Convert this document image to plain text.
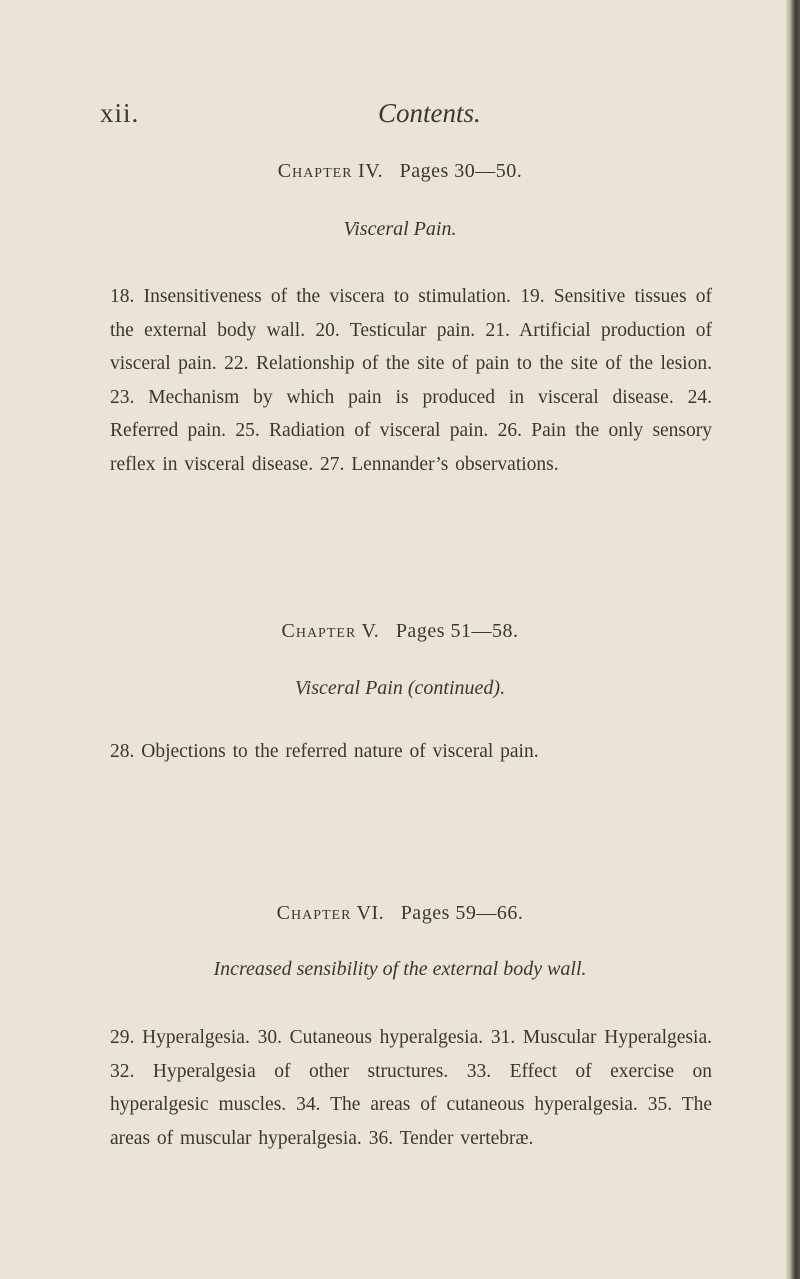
xii.	Contents.
Chapter IV. Pages 30—50.
Visceral Pain.
18. Insensitiveness of the viscera to stimulation. 19. Sensitive tissues of the external body wall. 20. Testicular pain. 21. Artificial production of visceral pain. 22. Relationship of the site of pain to the site of the lesion. 23. Mechanism by which pain is produced in visceral disease. 24. Referred pain. 25. Radiation of visceral pain. 26. Pain the only sensory reflex in visceral disease. 27. Lennander’s observations.
Chapter V. Pages 51—58.
Visceral Pain (continued).
28. Objections to the referred nature of visceral pain.
Chapter VI. Pages 59—66.
Increased sensibility of the external body wall.
29. Hyperalgesia. 30. Cutaneous hyperalgesia. 31. Muscular Hyperalgesia. 32. Hyperalgesia of other structures. 33. Effect of exercise on hyperalgesic muscles. 34. The areas of cutaneous hyperalgesia. 35. The areas of muscular hyperalgesia. 36. Tender vertebræ.
